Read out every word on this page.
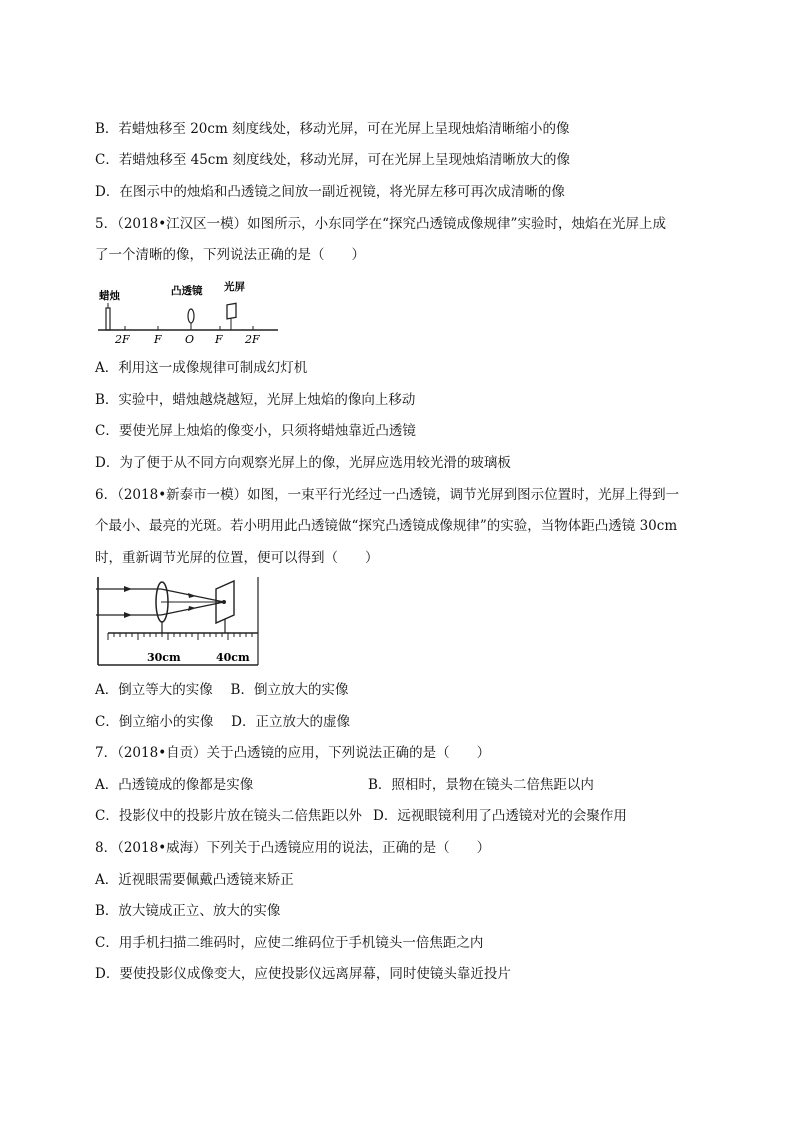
B．若蜡烛移至 20cm 刻度线处，移动光屏，可在光屏上呈现烛焰清晰缩小的像
C．若蜡烛移至 45cm 刻度线处，移动光屏，可在光屏上呈现烛焰清晰放大的像
D．在图示中的烛焰和凸透镜之间放一副近视镜，将光屏左移可再次成清晰的像
5．（2018•江汉区一模）如图所示，小东同学在“探究凸透镜成像规律”实验时，烛焰在光屏上成
了一个清晰的像，下列说法正确的是（　　）
蜡烛	凸透镜 光屏
2F F O F 2F
A．利用这一成像规律可制成幻灯机
B．实验中，蜡烛越烧越短，光屏上烛焰的像向上移动
C．要使光屏上烛焰的像变小，只须将蜡烛靠近凸透镜
D．为了便于从不同方向观察光屏上的像，光屏应选用较光滑的玻璃板
6．（2018•新泰市一模）如图，一束平行光经过一凸透镜，调节光屏到图示位置时，光屏上得到一
个最小、最亮的光斑。若小明用此凸透镜做“探究凸透镜成像规律”的实验，当物体距凸透镜 30cm
时，重新调节光屏的位置，便可以得到（　　）
30cm	40cm
A．倒立等大的实像　 B．倒立放大的实像
C．倒立缩小的实像　 D．正立放大的虚像
7．（2018•自贡）关于凸透镜的应用，下列说法正确的是（　　）
A．凸透镜成的像都是实像	B．照相时，景物在镜头二倍焦距以内
C．投影仪中的投影片放在镜头二倍焦距以外 D．远视眼镜利用了凸透镜对光的会聚作用
8．（2018•威海）下列关于凸透镜应用的说法，正确的是（　　）
A．近视眼需要佩戴凸透镜来矫正
B．放大镜成正立、放大的实像
C．用手机扫描二维码时，应使二维码位于手机镜头一倍焦距之内
D．要使投影仪成像变大，应使投影仪远离屏幕，同时使镜头靠近投片
